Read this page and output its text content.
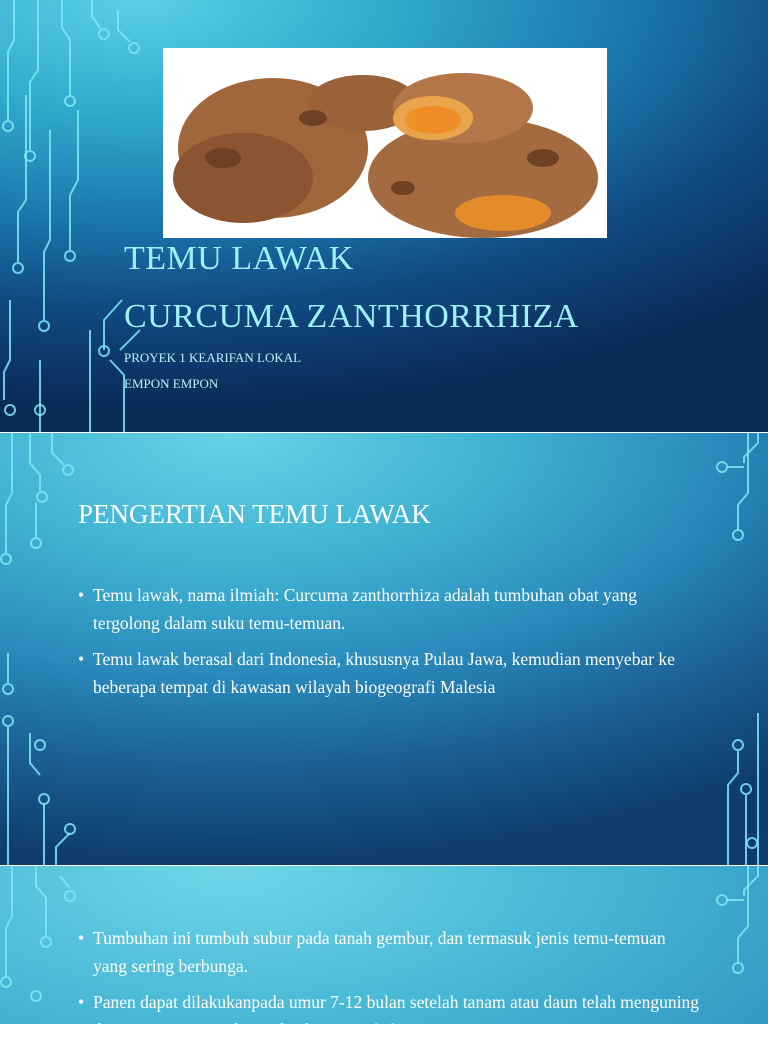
TEMU LAWAK
CURCUMA ZANTHORRHIZA

PROYEK 1 KEARIFAN LOKAL

EMPON EMPON

PENGERTIAN TEMU LAWAK
• Temu lawak, nama ilmiah: Curcuma zanthorrhiza adalah tumbuhan obat yang tergolong dalam suku temu-temuan.
• Temu lawak berasal dari Indonesia, khususnya Pulau Jawa, kemudian menyebar ke beberapa tempat di kawasan wilayah biogeografi Malesia
• Tumbuhan ini tumbuh subur pada tanah gembur, dan termasuk jenis temu-temuan yang sering berbunga.
• Panen dapat dilakukanpada umur 7-12 bulan setelah tanam atau daun telah menguning dan gugur, rimpang besar dan berwarna kehitaman.
